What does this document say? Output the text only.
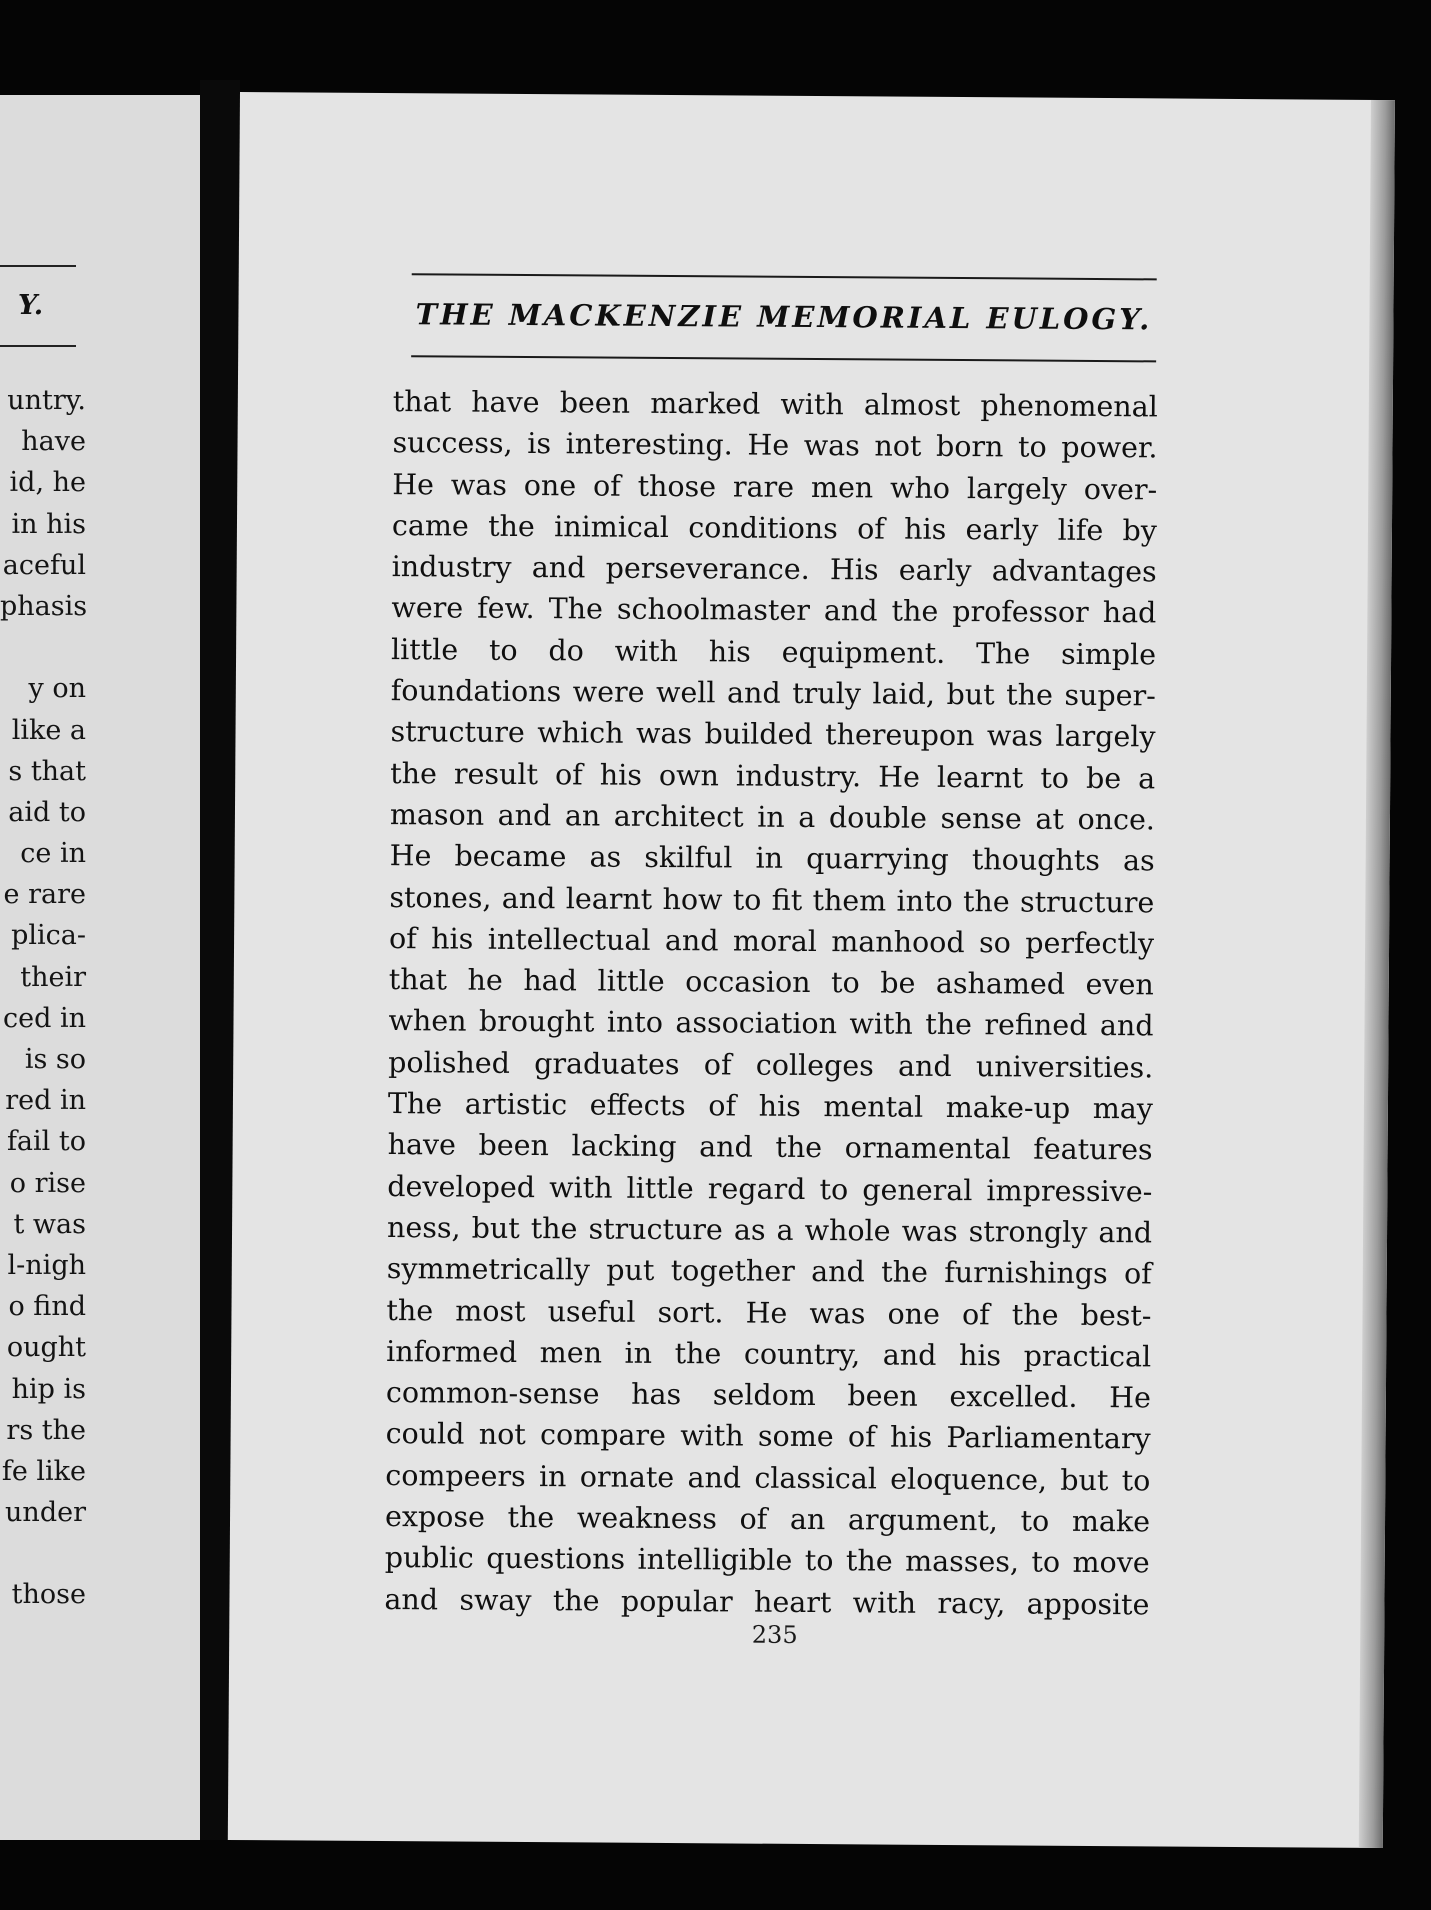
Y.
untry.
have
id, he
in his
aceful
phasis
y on
like a
s that
aid to
ce in
e rare
plica-
their
ced in
is so
red in
fail to
o rise
t was
l-nigh
o find
ought
hip is
rs the
fe like
under
those
THE MACKENZIE MEMORIAL EULOGY.
that have been marked with almost phenomenal
success, is interesting. He was not born to power.
He was one of those rare men who largely over-
came the inimical conditions of his early life by
industry and perseverance. His early advantages
were few. The schoolmaster and the professor had
little to do with his equipment. The simple
foundations were well and truly laid, but the super-
structure which was builded thereupon was largely
the result of his own industry. He learnt to be a
mason and an architect in a double sense at once.
He became as skilful in quarrying thoughts as
stones, and learnt how to fit them into the structure
of his intellectual and moral manhood so perfectly
that he had little occasion to be ashamed even
when brought into association with the refined and
polished graduates of colleges and universities.
The artistic effects of his mental make-up may
have been lacking and the ornamental features
developed with little regard to general impressive-
ness, but the structure as a whole was strongly and
symmetrically put together and the furnishings of
the most useful sort. He was one of the best-
informed men in the country, and his practical
common-sense has seldom been excelled. He
could not compare with some of his Parliamentary
compeers in ornate and classical eloquence, but to
expose the weakness of an argument, to make
public questions intelligible to the masses, to move
and sway the popular heart with racy, apposite
235
